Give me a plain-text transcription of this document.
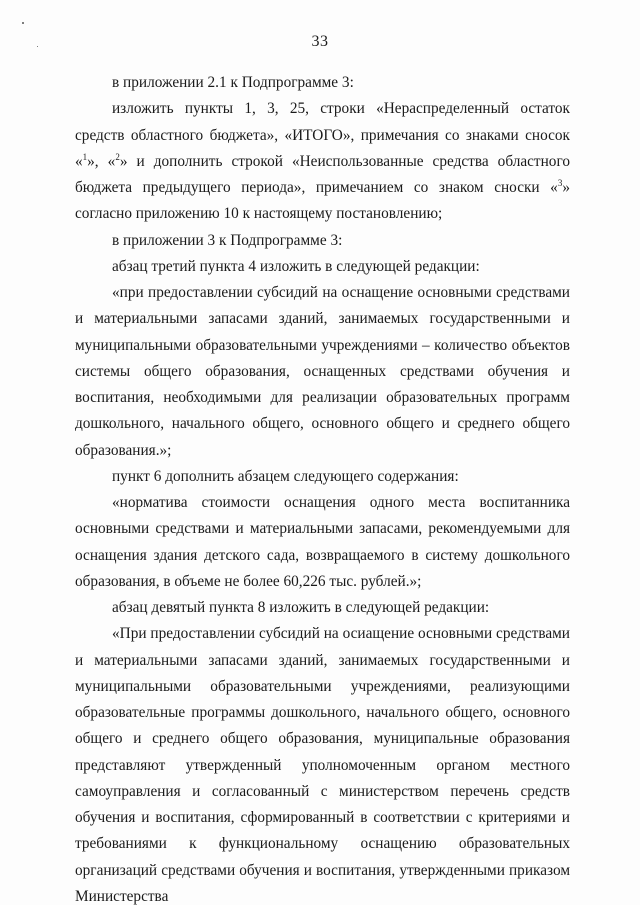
33

в приложении 2.1 к Подпрограмме 3:

изложить пункты 1, 3, 25, строки «Нераспределенный остаток средств областного бюджета», «ИТОГО», примечания со знаками сносок «$^1$», «$^2$» и дополнить строкой «Неиспользованные средства областного бюджета предыдущего периода», примечанием со знаком сноски «$^3$» согласно приложению 10 к настоящему постановлению;

в приложении 3 к Подпрограмме 3:

абзац третий пункта 4 изложить в следующей редакции:

«при предоставлении субсидий на оснащение основными средствами и материальными запасами зданий, занимаемых государственными и муниципальными образовательными учреждениями – количество объектов системы общего образования, оснащенных средствами обучения и воспитания, необходимыми для реализации образовательных программ дошкольного, начального общего, основного общего и среднего общего образования.»;

пункт 6 дополнить абзацем следующего содержания:

«норматива стоимости оснащения одного места воспитанника основными средствами и материальными запасами, рекомендуемыми для оснащения здания детского сада, возвращаемого в систему дошкольного образования, в объеме не более 60,226 тыс. рублей.»;

абзац девятый пункта 8 изложить в следующей редакции:

«При предоставлении субсидий на осиащение основными средствами и материальными запасами зданий, занимаемых государственными и муниципальными образовательными учреждениями, реализующими образовательные программы дошкольного, начального общего, основного общего и среднего общего образования, муниципальные образования представляют утвержденный уполномоченным органом местного самоуправления и согласованный с министерством перечень средств обучения и воспитания, сформированный в соответствии с критериями и требованиями к функциональному оснащению образовательных организаций средствами обучения и воспитания, утвержденными приказом Министерства
